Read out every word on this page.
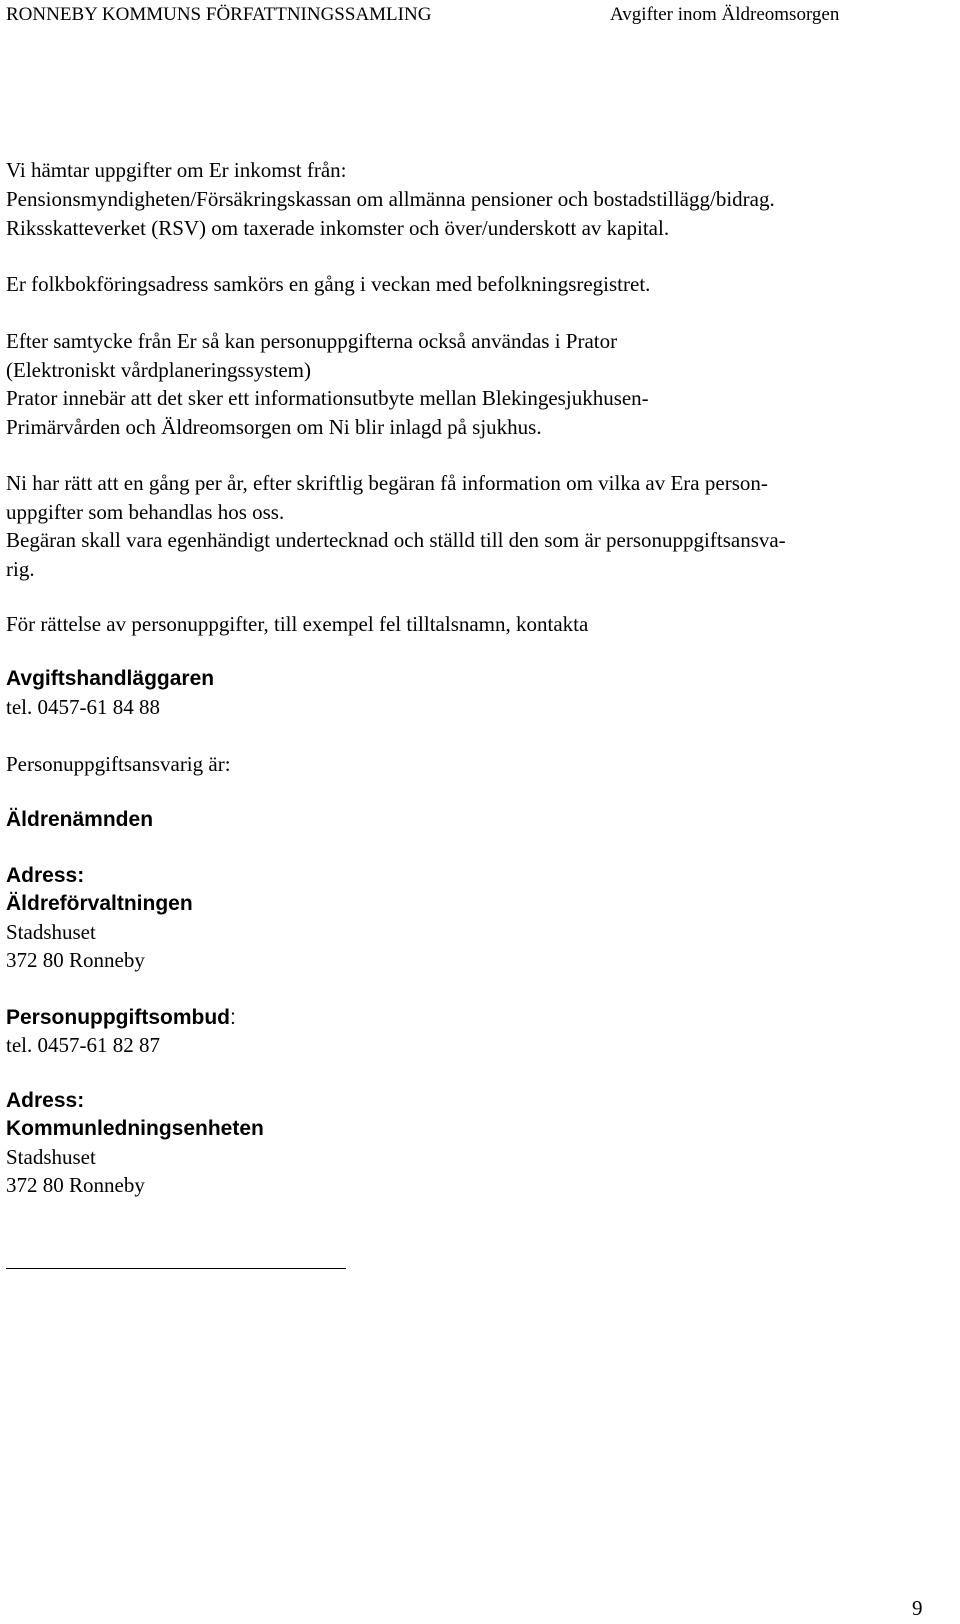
RONNEBY KOMMUNS FÖRFATTNINGSSAMLING	Avgifter inom Äldreomsorgen
Vi hämtar uppgifter om Er inkomst från:
Pensionsmyndigheten/Försäkringskassan om allmänna pensioner och bostadstillägg/bidrag.
Riksskatteverket (RSV) om taxerade inkomster och över/underskott av kapital.
Er folkbokföringsadress samkörs en gång i veckan med befolkningsregistret.
Efter samtycke från Er så kan personuppgifterna också användas i Prator
(Elektroniskt vårdplaneringssystem)
Prator innebär att det sker ett informationsutbyte mellan Blekingesjukhusen-
Primärvården och Äldreomsorgen om Ni blir inlagd på sjukhus.
Ni har rätt att en gång per år, efter skriftlig begäran få information om vilka av Era person-
uppgifter som behandlas hos oss.
Begäran skall vara egenhändigt undertecknad och ställd till den som är personuppgiftsansva-
rig.
För rättelse av personuppgifter, till exempel fel tilltalsnamn, kontakta
Avgiftshandläggaren
tel. 0457-61 84 88
Personuppgiftsansvarig är:
Äldrenämnden
Adress:
Äldreförvaltningen
Stadshuset
372 80 Ronneby
Personuppgiftsombud:
tel. 0457-61 82 87
Adress:
Kommunledningsenheten
Stadshuset
372 80 Ronneby
9
